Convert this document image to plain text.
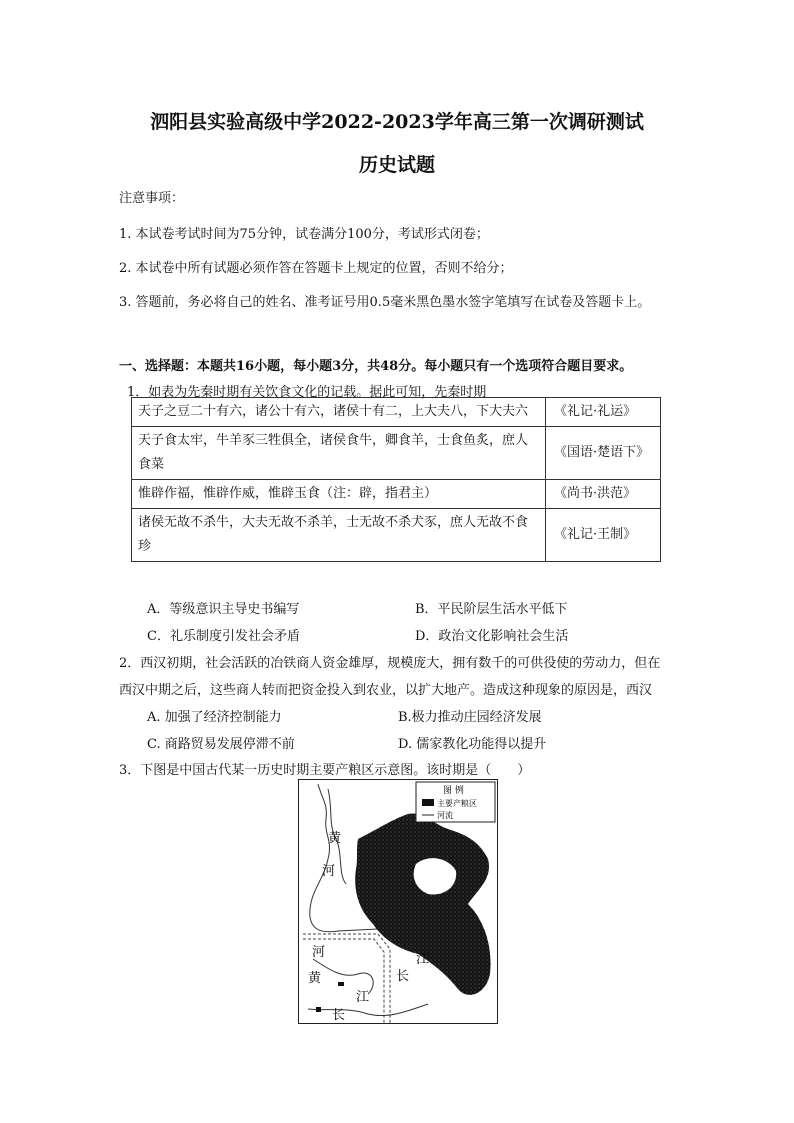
泗阳县实验高级中学2022-2023学年高三第一次调研测试
历史试题
注意事项：
1. 本试卷考试时间为75分钟，试卷满分100分，考试形式闭卷；
2. 本试卷中所有试题必须作答在答题卡上规定的位置，否则不给分；
3. 答题前，务必将自己的姓名、准考证号用0.5毫米黑色墨水签字笔填写在试卷及答题卡上。
一、选择题：本题共16小题，每小题3分，共48分。每小题只有一个选项符合题目要求。
1．如表为先秦时期有关饮食文化的记载。据此可知，先秦时期
天子之豆二十有六，诸公十有六，诸侯十有二，上大夫八，下大夫六	《礼记·礼运》
天子食太牢，牛羊豕三牲俱全，诸侯食牛，卿食羊，士食鱼炙，庶人食菜	《国语·楚语下》
惟辟作福，惟辟作威，惟辟玉食（注：辟，指君主）	《尚书·洪范》
诸侯无故不杀牛，大夫无故不杀羊，士无故不杀犬豕，庶人无故不食珍	《礼记·王制》
A．等级意识主导史书编写	B．平民阶层生活水平低下
C．礼乐制度引发社会矛盾	D．政治文化影响社会生活
2．西汉初期，社会活跃的冶铁商人资金雄厚，规模庞大，拥有数千的可供役使的劳动力，但在
西汉中期之后，这些商人转而把资金投入到农业，以扩大地产。造成这种现象的原因是，西汉
A. 加强了经济控制能力	B.极力推动庄园经济发展
C. 商路贸易发展停滞不前	D. 儒家教化功能得以提升
3．下图是中国古代某一历史时期主要产粮区示意图。该时期是（　　）
图 例
主要产粮区
河流
黄
河
河
黄
江
长
长
江
